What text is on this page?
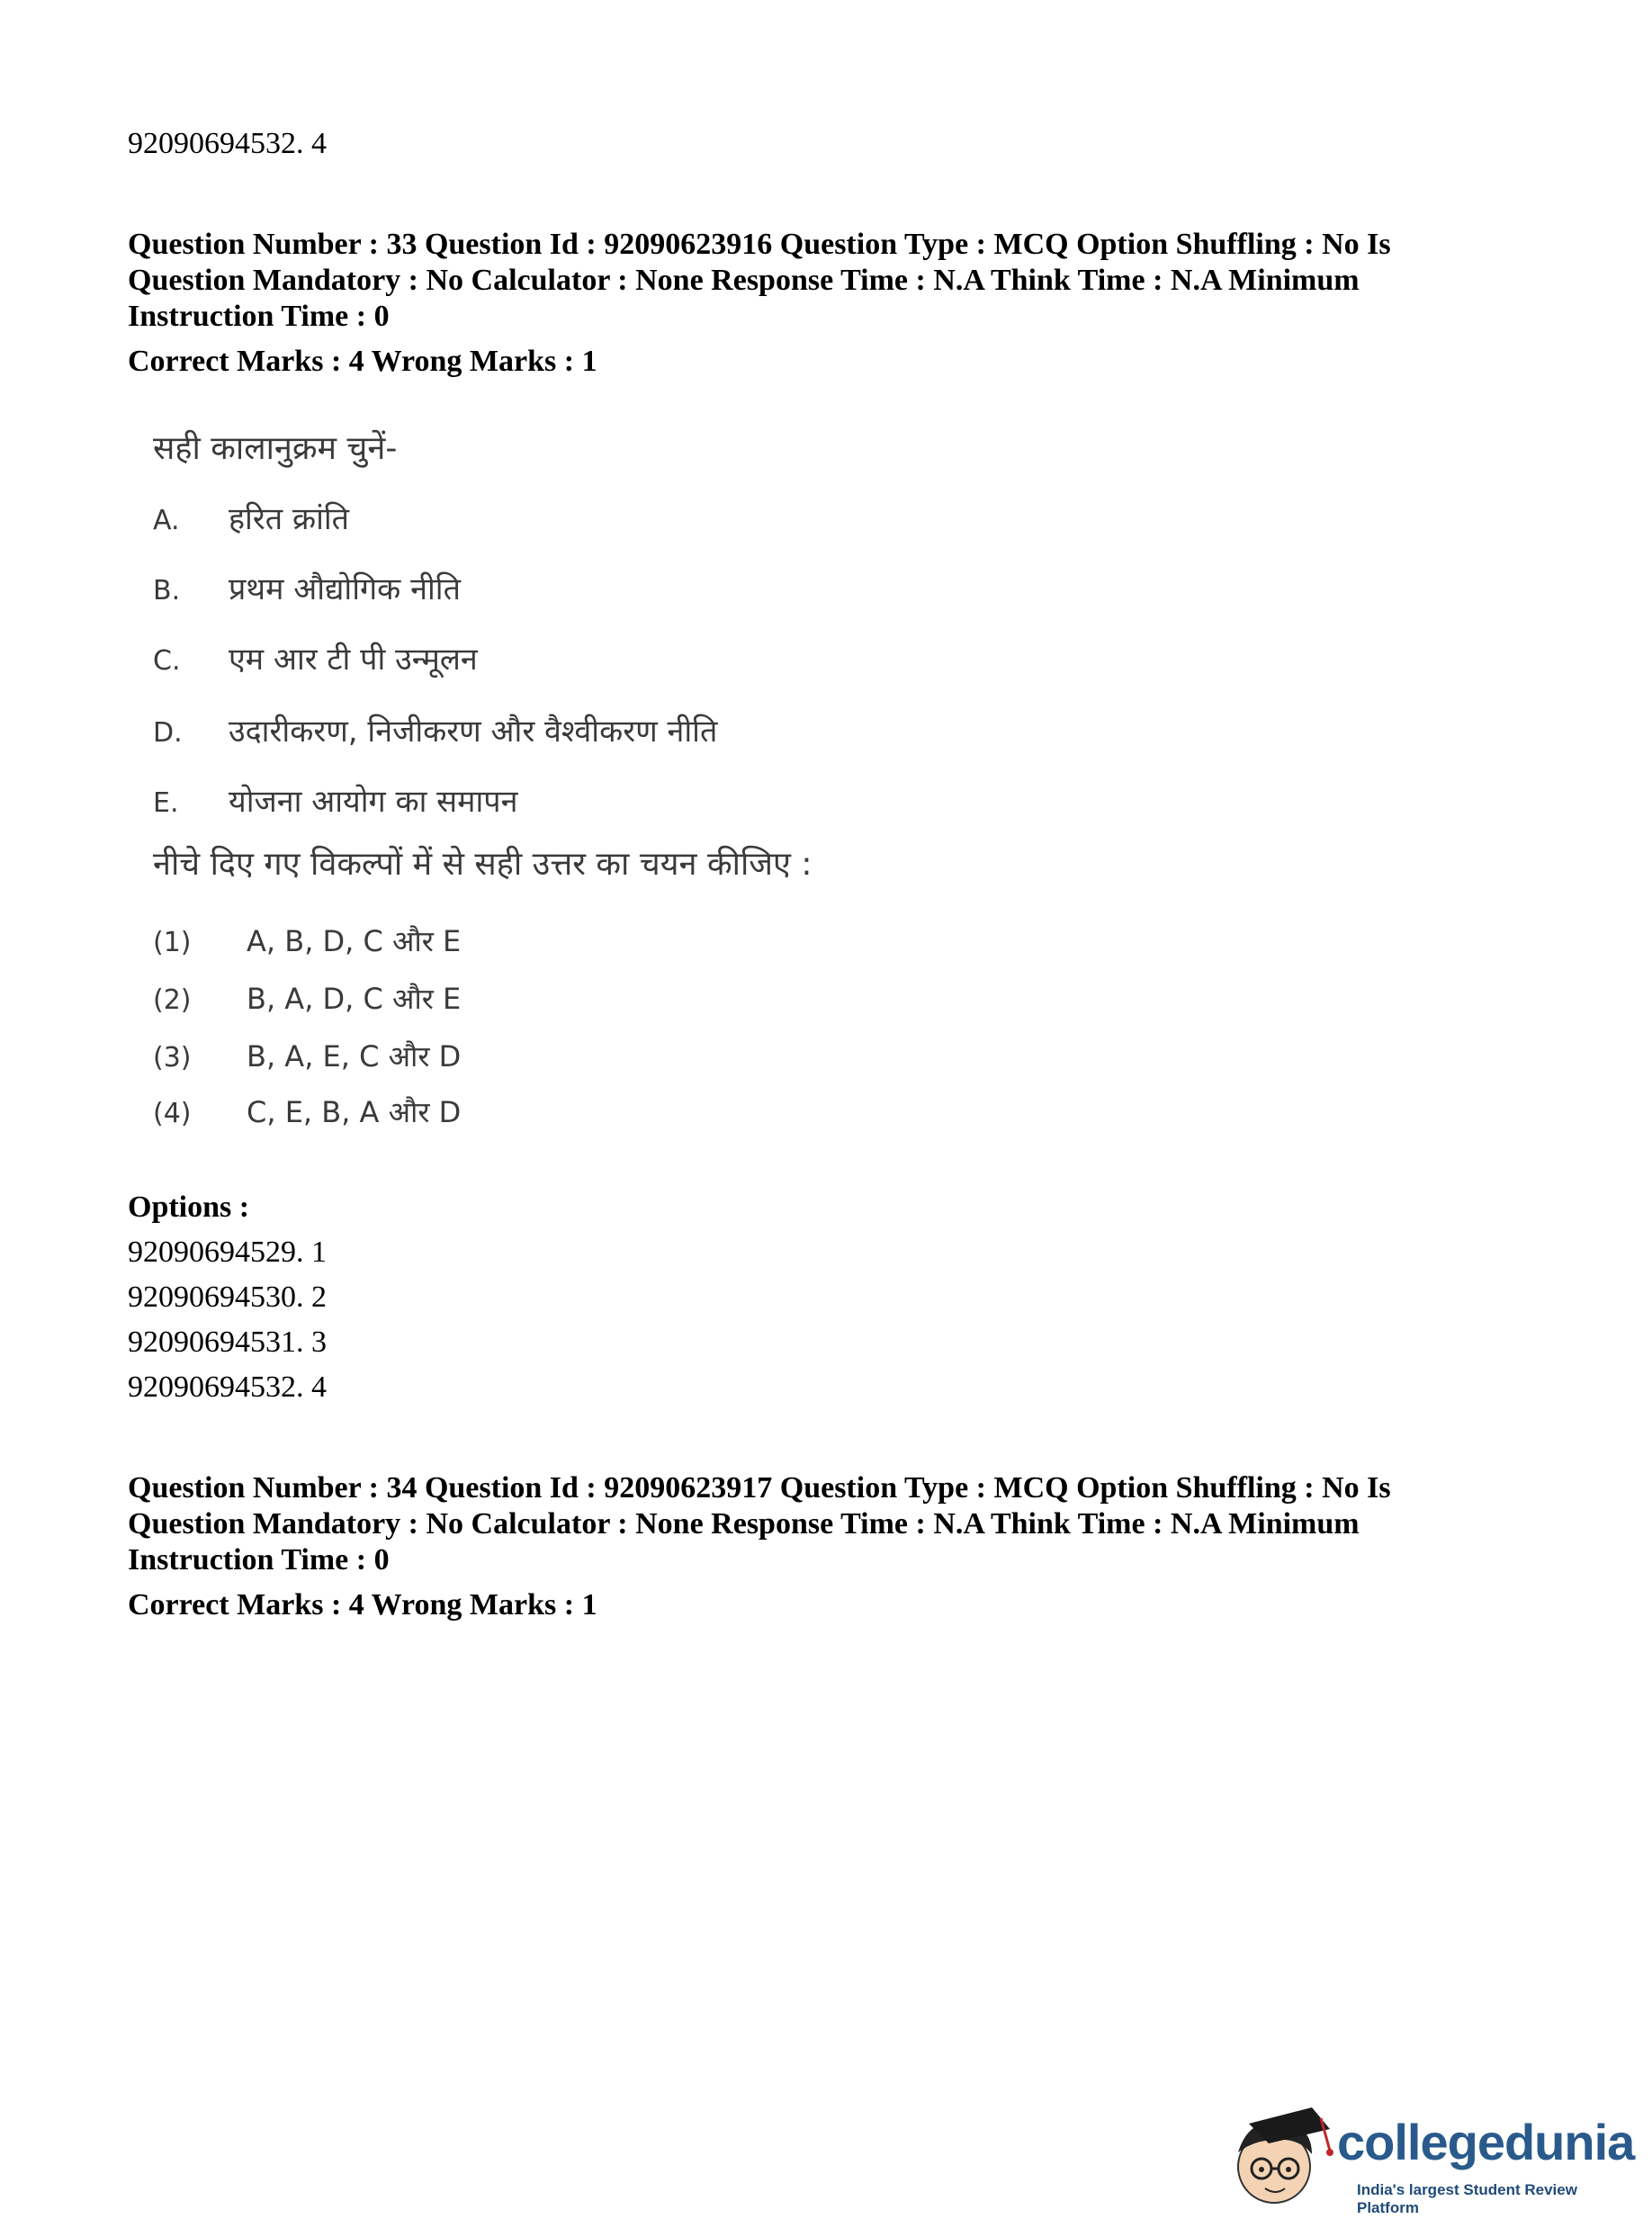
92090694532. 4
Question Number : 33 Question Id : 92090623916 Question Type : MCQ Option Shuffling : No Is Question Mandatory : No Calculator : None Response Time : N.A Think Time : N.A Minimum Instruction Time : 0
Correct Marks : 4 Wrong Marks : 1
सही कालानुक्रम चुनें-
A. हरित क्रांति
B. प्रथम औद्योगिक नीति
C. एम आर टी पी उन्मूलन
D. उदारीकरण, निजीकरण और वैश्वीकरण नीति
E. योजना आयोग का समापन
नीचे दिए गए विकल्पों में से सही उत्तर का चयन कीजिए :
(1) A, B, D, C और E
(2) B, A, D, C और E
(3) B, A, E, C और D
(4) C, E, B, A और D
Options :
92090694529. 1
92090694530. 2
92090694531. 3
92090694532. 4
Question Number : 34 Question Id : 92090623917 Question Type : MCQ Option Shuffling : No Is Question Mandatory : No Calculator : None Response Time : N.A Think Time : N.A Minimum Instruction Time : 0
Correct Marks : 4 Wrong Marks : 1
collegedunia
India's largest Student Review Platform
